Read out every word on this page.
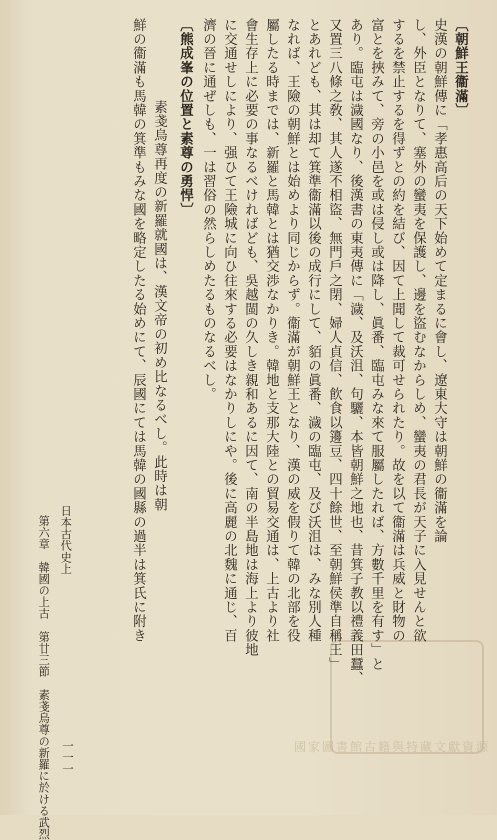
〔朝鮮王衞滿〕
史漢の朝鮮傳に「孝惠高后の天下始めて定まるに會し、遼東大守は朝鮮の衞滿を論
し、外臣となりて、塞外の蠻夷を保護し、邊を盜むなからしめ、蠻夷の君長が天子に入見せんと欲
するを禁止するを得ずとの約を結び、因て上聞して裁可せられたり。故を以て衞滿は兵威と財物の
富とを挾みて、旁の小邑を或は侵し或は降し、眞番、臨屯みな來て服屬したれば、方數千里を有す」と
あり。臨屯は濊國なり、後漢書の東夷傳に「濊、及沃沮、句驪、本皆朝鮮之地也、昔箕子教以禮義田蠶、
又置三八條之敎、其人遂不相盜、無門戶之閉、婦人貞信、飮食以籩豆、四十餘世、至朝鮮侯準自稱王」
とあれども、其は却て箕準衞滿以後の成行にして、貊の眞番、濊の臨屯、及び沃沮は、みな別人種
なれば、王險の朝鮮とは始めより同じからず。衞滿が朝鮮王となり、漢の威を假りて韓の北部を役
屬したる時までは、新羅と馬韓とは猶交渉なかりき。韓地と支那大陸との貿易交通は、上古より社
會生存上に必要の事なるべければども、吳越閩の久しき親和あるに因て、南の半島地は海上より彼地
に交通せしにより、强ひて王險城に向ひ往來する必要はなかりしにや。後に高麗の北魏に通じ、百
濟の晉に通ぜしも、一は習俗の然らしめたるものなるべし。
〔熊成峯の位置と素尊の勇悍〕
素戔烏尊再度の新羅就國は、漢文帝の初め比なるべし。此時は朝
鮮の衞滿も馬韓の箕準もみな國を略定したる始めにて、辰國にては馬韓の國縣の過半は箕氏に附き
日本古代史上
第六章　韓國の上古　第廿三節　素戔烏尊の新羅に於ける武烈 一一一	國家圖書館古籍與特藏文獻資源
